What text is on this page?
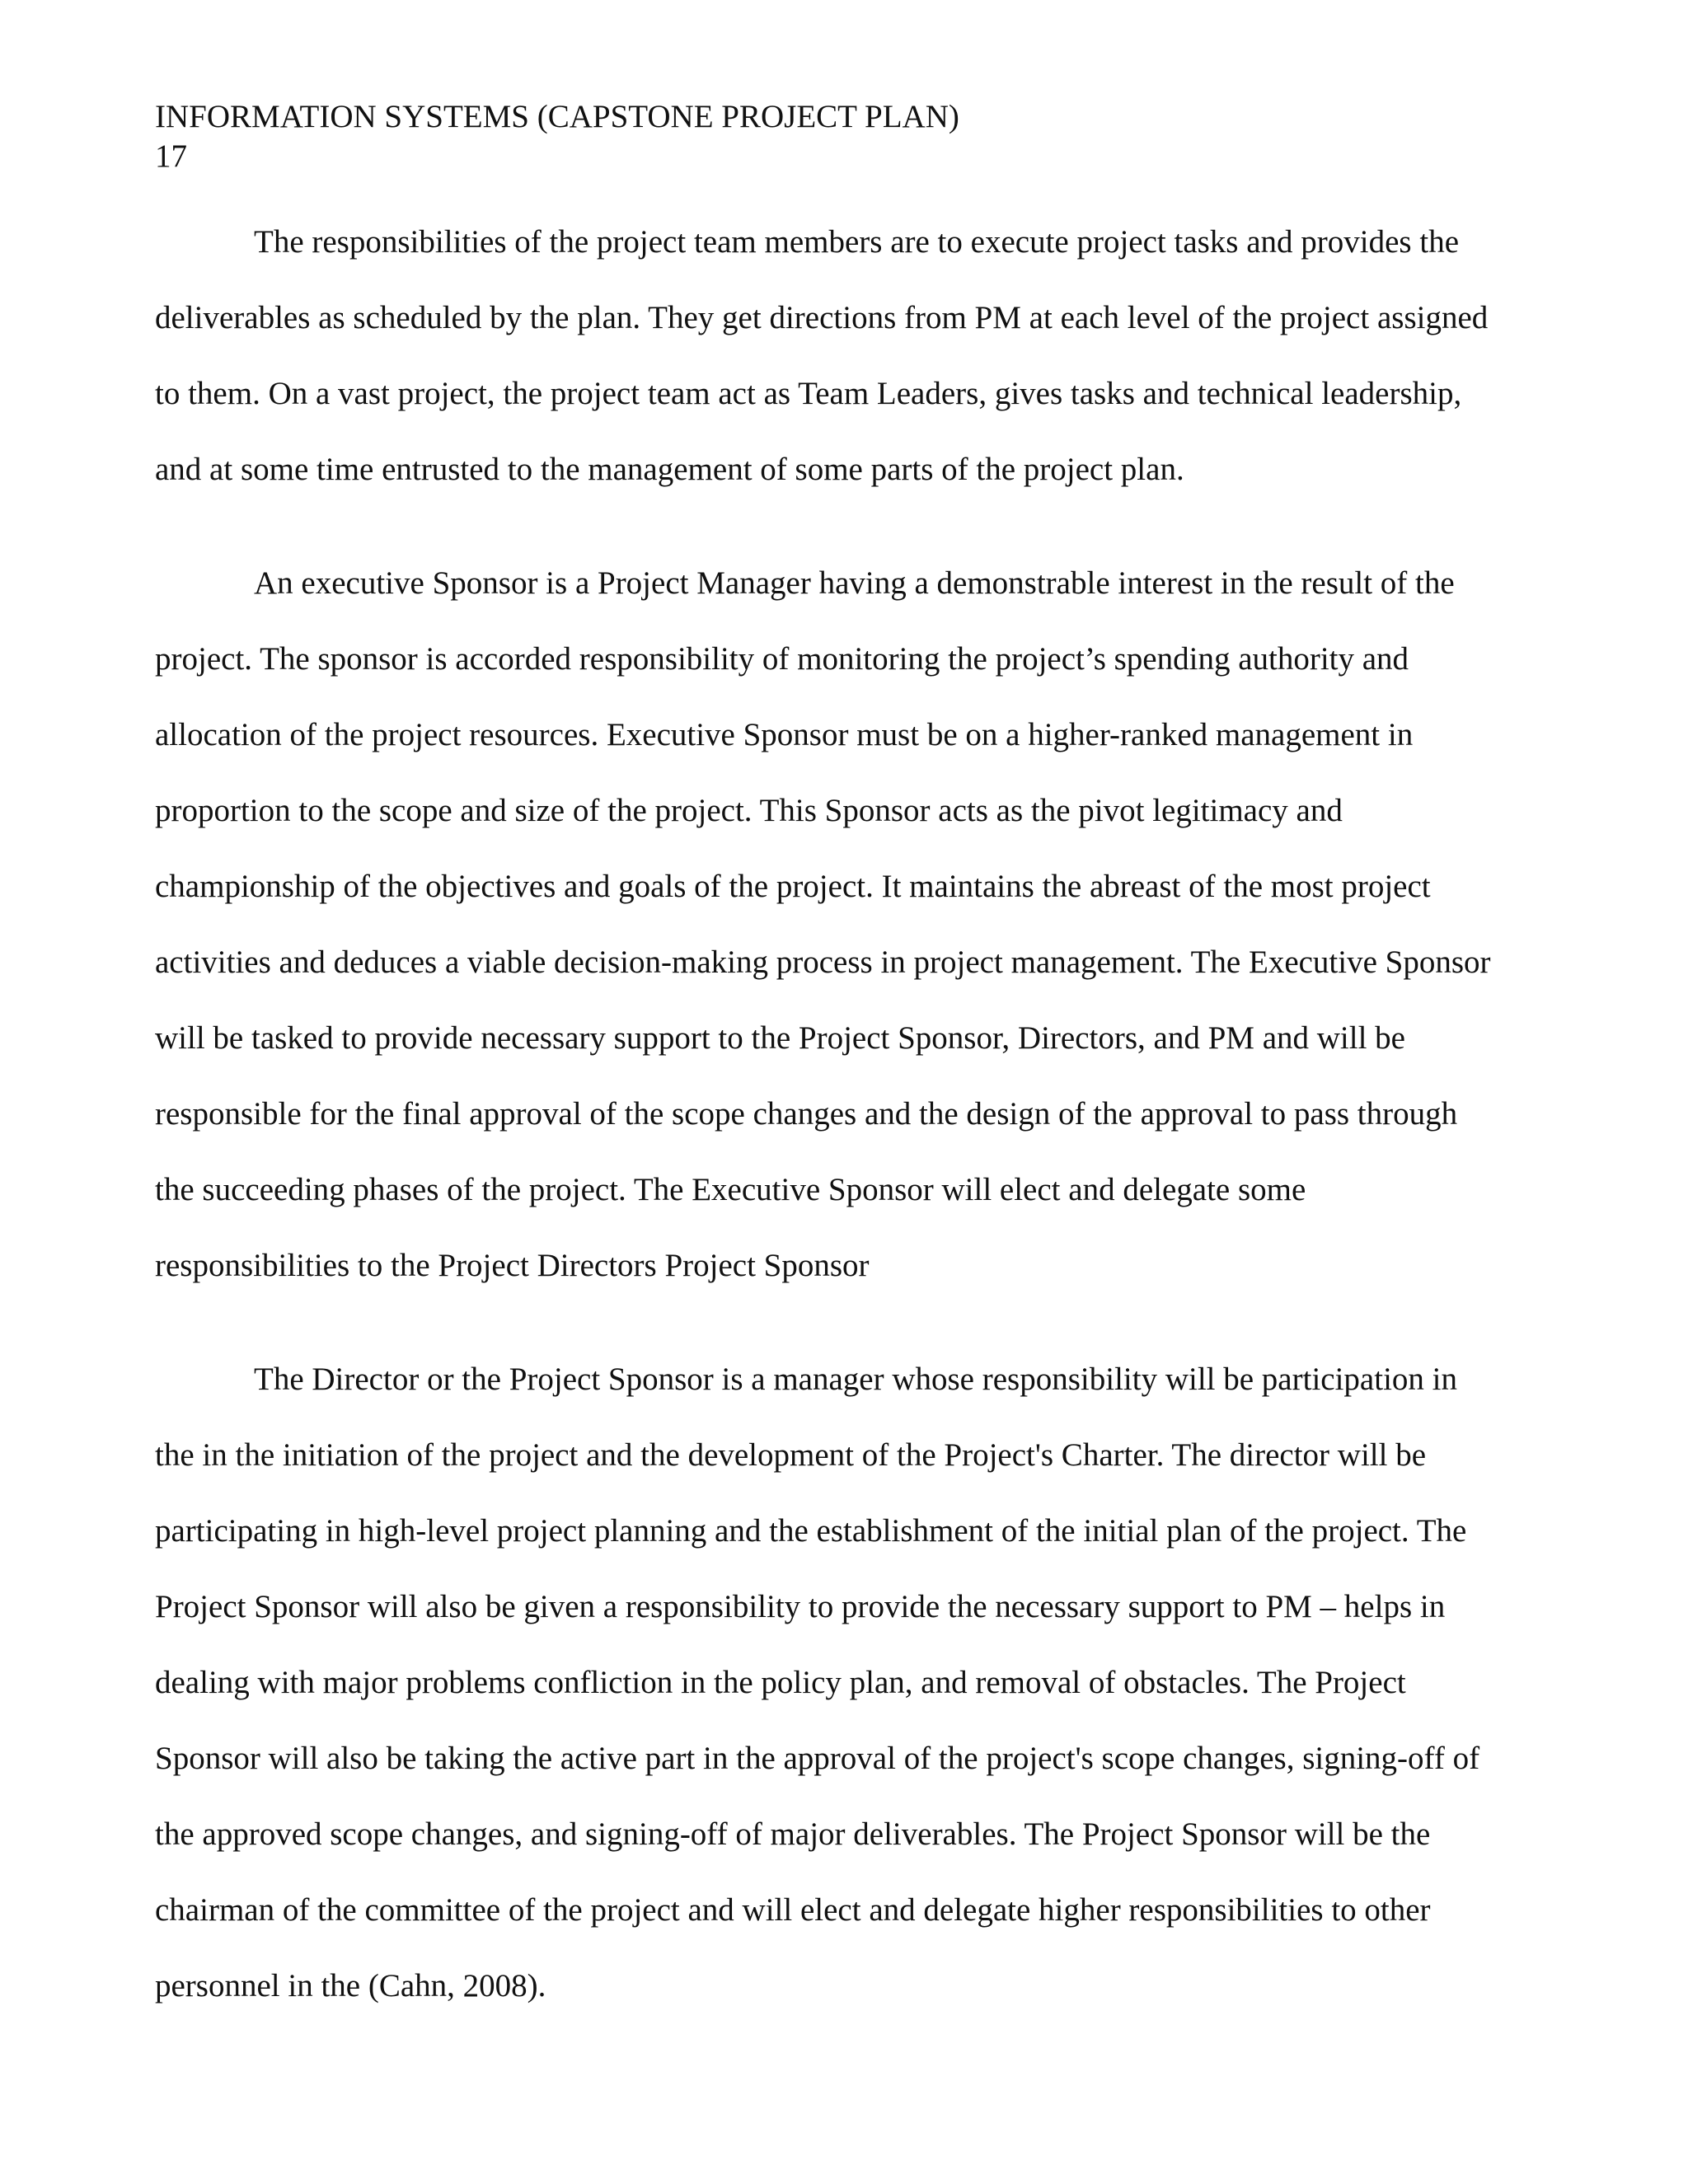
INFORMATION SYSTEMS (CAPSTONE PROJECT PLAN)
17

The responsibilities of the project team members are to execute project tasks and provides the
deliverables as scheduled by the plan. They get directions from PM at each level of the project assigned
to them. On a vast project, the project team act as Team Leaders, gives tasks and technical leadership,
and at some time entrusted to the management of some parts of the project plan.

An executive Sponsor is a Project Manager having a demonstrable interest in the result of the
project. The sponsor is accorded responsibility of monitoring the project’s spending authority and
allocation of the project resources. Executive Sponsor must be on a higher-ranked management in
proportion to the scope and size of the project. This Sponsor acts as the pivot legitimacy and
championship of the objectives and goals of the project. It maintains the abreast of the most project
activities and deduces a viable decision-making process in project management. The Executive Sponsor
will be tasked to provide necessary support to the Project Sponsor, Directors, and PM and will be
responsible for the final approval of the scope changes and the design of the approval to pass through
the succeeding phases of the project. The Executive Sponsor will elect and delegate some
responsibilities to the Project Directors Project Sponsor

The Director or the Project Sponsor is a manager whose responsibility will be participation in
the in the initiation of the project and the development of the Project's Charter. The director will be
participating in high-level project planning and the establishment of the initial plan of the project. The
Project Sponsor will also be given a responsibility to provide the necessary support to PM – helps in
dealing with major problems confliction in the policy plan, and removal of obstacles. The Project
Sponsor will also be taking the active part in the approval of the project's scope changes, signing-off of
the approved scope changes, and signing-off of major deliverables. The Project Sponsor will be the
chairman of the committee of the project and will elect and delegate higher responsibilities to other
personnel in the (Cahn, 2008).
